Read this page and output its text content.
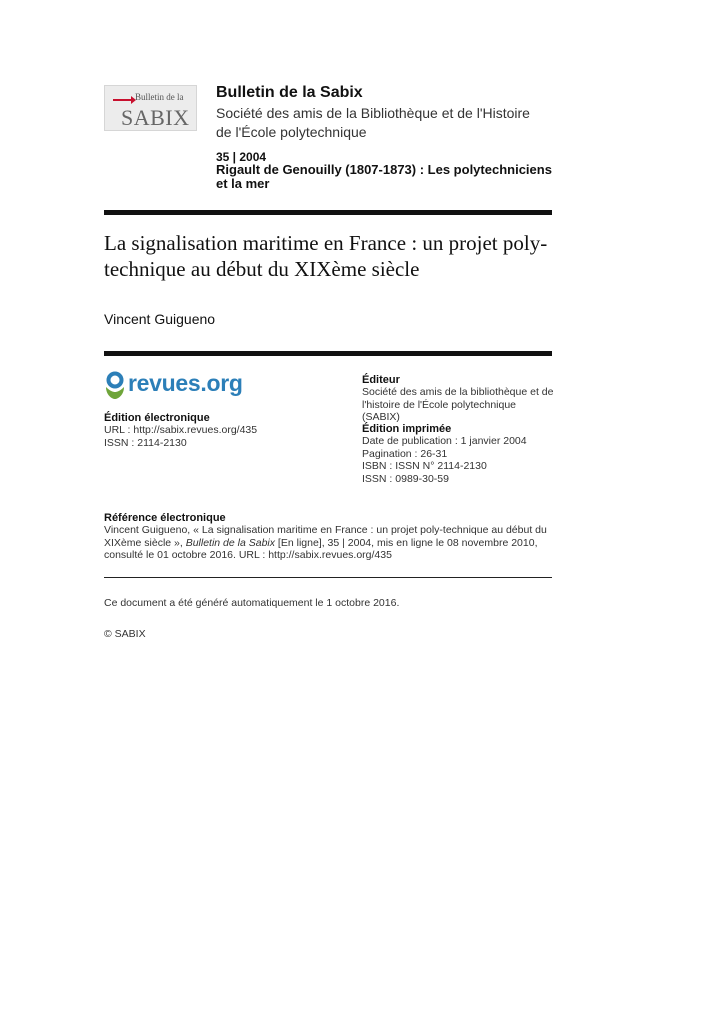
Bulletin de la
SABIX
Bulletin de la Sabix
Société des amis de la Bibliothèque et de l'Histoire de l'École polytechnique
35 | 2004
Rigault de Genouilly (1807-1873) : Les polytechniciens et la mer
La signalisation maritime en France : un projet poly-technique au début du XIXème siècle
Vincent Guigueno
revues.org
Édition électronique
URL : http://sabix.revues.org/435
ISSN : 2114-2130
Éditeur
Société des amis de la bibliothèque et de l'histoire de l'École polytechnique (SABIX)
Édition imprimée
Date de publication : 1 janvier 2004
Pagination : 26-31
ISBN : ISSN N° 2114-2130
ISSN : 0989-30-59
Référence électronique
Vincent Guigueno, « La signalisation maritime en France : un projet poly-technique au début du XIXème siècle », Bulletin de la Sabix [En ligne], 35 | 2004, mis en ligne le 08 novembre 2010, consulté le 01 octobre 2016. URL : http://sabix.revues.org/435
Ce document a été généré automatiquement le 1 octobre 2016.
© SABIX
